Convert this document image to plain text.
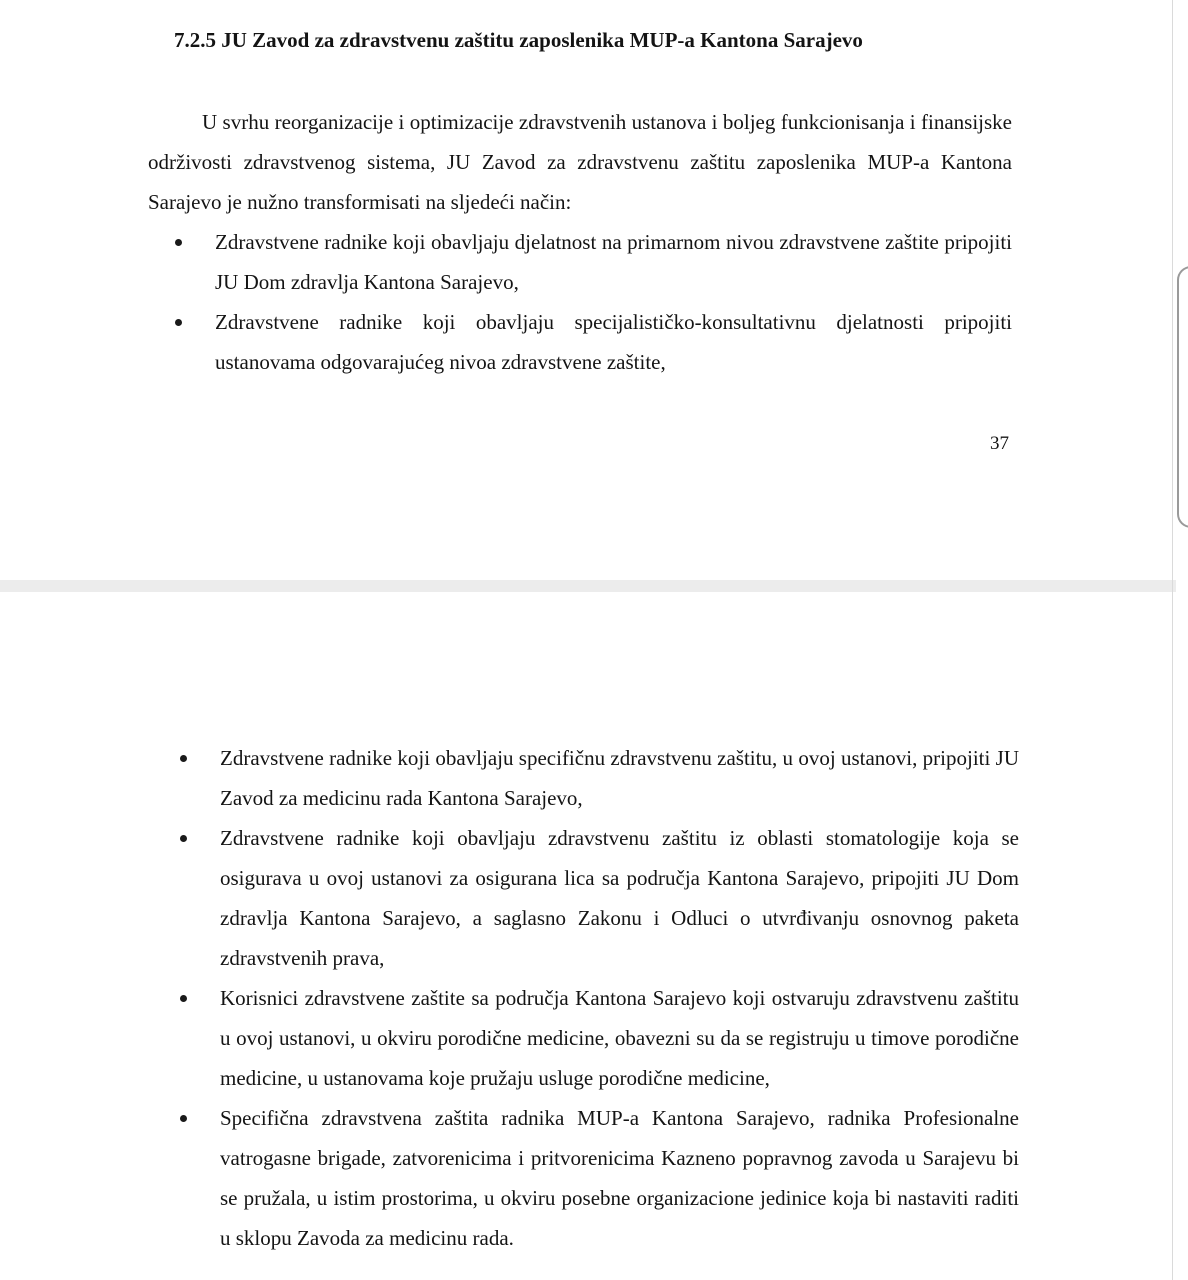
7.2.5 JU Zavod za zdravstvenu zaštitu zaposlenika MUP-a Kantona Sarajevo

U svrhu reorganizacije i optimizacije zdravstvenih ustanova i boljeg funkcionisanja i finansijske održivosti zdravstvenog sistema, JU Zavod za zdravstvenu zaštitu zaposlenika MUP-a Kantona Sarajevo je nužno transformisati na sljedeći način:

Zdravstvene radnike koji obavljaju djelatnost na primarnom nivou zdravstvene zaštite pripojiti JU Dom zdravlja Kantona Sarajevo,
Zdravstvene radnike koji obavljaju specijalističko-konsultativnu djelatnosti pripojiti ustanovama odgovarajućeg nivoa zdravstvene zaštite,
37
Zdravstvene radnike koji obavljaju specifičnu zdravstvenu zaštitu, u ovoj ustanovi, pripojiti JU Zavod za medicinu rada Kantona Sarajevo,
Zdravstvene radnike koji obavljaju zdravstvenu zaštitu iz oblasti stomatologije koja se osigurava u ovoj ustanovi za osigurana lica sa područja Kantona Sarajevo, pripojiti JU Dom zdravlja Kantona Sarajevo, a saglasno Zakonu i Odluci o utvrđivanju osnovnog paketa zdravstvenih prava,
Korisnici zdravstvene zaštite sa područja Kantona Sarajevo koji ostvaruju zdravstvenu zaštitu u ovoj ustanovi, u okviru porodične medicine, obavezni su da se registruju u timove porodične medicine, u ustanovama koje pružaju usluge porodične medicine,
Specifična zdravstvena zaštita radnika MUP-a Kantona Sarajevo, radnika Profesionalne vatrogasne brigade, zatvorenicima i pritvorenicima Kazneno popravnog zavoda u Sarajevu bi se pružala, u istim prostorima, u okviru posebne organizacione jedinice koja bi nastaviti raditi u sklopu Zavoda za medicinu rada.
